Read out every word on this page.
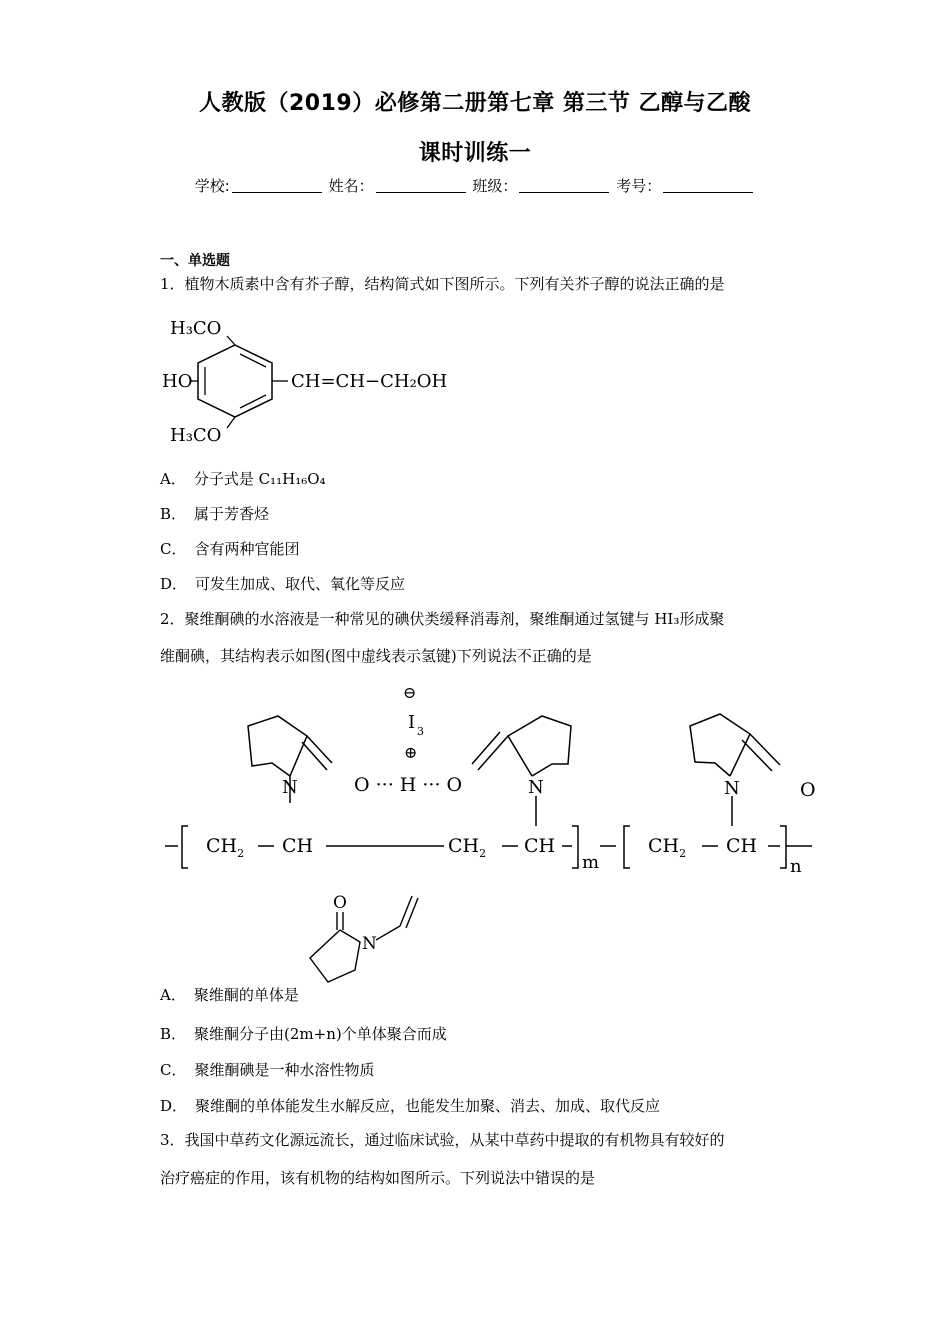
人教版（2019）必修第二册第七章 第三节 乙醇与乙酸
课时训练一
学校:	姓名：	班级：	考号：
一、单选题
1．植物木质素中含有芥子醇，结构简式如下图所示。下列有关芥子醇的说法正确的是
H₃CO
HO
H₃CO
CH=CH−CH₂OH
A． 分子式是 C₁₁H₁₆O₄
B． 属于芳香烃
C． 含有两种官能团
D． 可发生加成、取代、氧化等反应
2．聚维酮碘的水溶液是一种常见的碘伏类缓释消毒剂，聚维酮通过氢键与 HI₃形成聚
维酮碘，其结构表示如图(图中虚线表示氢键)下列说法不正确的是
⊖
I 3
⊕
N	O ··· H ··· O	N	N	O
$CH_2$ CH	$CH_2$ CH
m
$CH_2$ CH
n
O
N
A． 聚维酮的单体是
B． 聚维酮分子由(2m+n)个单体聚合而成
C． 聚维酮碘是一种水溶性物质
D． 聚维酮的单体能发生水解反应，也能发生加聚、消去、加成、取代反应
3．我国中草药文化源远流长，通过临床试验，从某中草药中提取的有机物具有较好的
治疗癌症的作用，该有机物的结构如图所示。下列说法中错误的是
